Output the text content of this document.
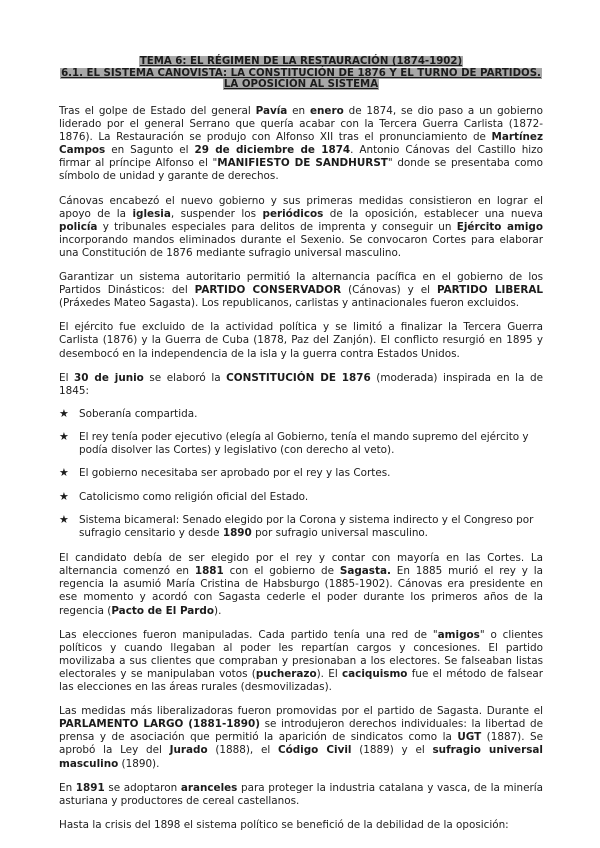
TEMA 6: EL RÉGIMEN DE LA RESTAURACIÓN (1874-1902)
6.1. EL SISTEMA CANOVISTA: LA CONSTITUCIÓN DE 1876 Y EL TURNO DE PARTIDOS.
LA OPOSICIÓN AL SISTEMA

Tras el golpe de Estado del general Pavía en enero de 1874, se dio paso a un gobierno liderado por el general Serrano que quería acabar con la Tercera Guerra Carlista (1872-1876). La Restauración se produjo con Alfonso XII tras el pronunciamiento de Martínez Campos en Sagunto el 29 de diciembre de 1874. Antonio Cánovas del Castillo hizo firmar al príncipe Alfonso el "MANIFIESTO DE SANDHURST" donde se presentaba como símbolo de unidad y garante de derechos.

Cánovas encabezó el nuevo gobierno y sus primeras medidas consistieron en lograr el apoyo de la iglesia, suspender los periódicos de la oposición, establecer una nueva policía y tribunales especiales para delitos de imprenta y conseguir un Ejército amigo incorporando mandos eliminados durante el Sexenio. Se convocaron Cortes para elaborar una Constitución de 1876 mediante sufragio universal masculino.

Garantizar un sistema autoritario permitió la alternancia pacífica en el gobierno de los Partidos Dinásticos: del PARTIDO CONSERVADOR (Cánovas) y el PARTIDO LIBERAL (Práxedes Mateo Sagasta). Los republicanos, carlistas y antinacionales fueron excluidos.

El ejército fue excluido de la actividad política y se limitó a finalizar la Tercera Guerra Carlista (1876) y la Guerra de Cuba (1878, Paz del Zanjón). El conflicto resurgió en 1895 y desembocó en la independencia de la isla y la guerra contra Estados Unidos.

El 30 de junio se elaboró la CONSTITUCIÓN DE 1876 (moderada) inspirada en la de 1845:

★ Soberanía compartida.
★ El rey tenía poder ejecutivo (elegía al Gobierno, tenía el mando supremo del ejército y podía disolver las Cortes) y legislativo (con derecho al veto).
★ El gobierno necesitaba ser aprobado por el rey y las Cortes.
★ Catolicismo como religión oficial del Estado.
★ Sistema bicameral: Senado elegido por la Corona y sistema indirecto y el Congreso por sufragio censitario y desde 1890 por sufragio universal masculino.

El candidato debía de ser elegido por el rey y contar con mayoría en las Cortes. La alternancia comenzó en 1881 con el gobierno de Sagasta. En 1885 murió el rey y la regencia la asumió María Cristina de Habsburgo (1885-1902). Cánovas era presidente en ese momento y acordó con Sagasta cederle el poder durante los primeros años de la regencia (Pacto de El Pardo).

Las elecciones fueron manipuladas. Cada partido tenía una red de "amigos" o clientes políticos y cuando llegaban al poder les repartían cargos y concesiones. El partido movilizaba a sus clientes que compraban y presionaban a los electores. Se falseaban listas electorales y se manipulaban votos (pucherazo). El caciquismo fue el método de falsear las elecciones en las áreas rurales (desmovilizadas).

Las medidas más liberalizadoras fueron promovidas por el partido de Sagasta. Durante el PARLAMENTO LARGO (1881-1890) se introdujeron derechos individuales: la libertad de prensa y de asociación que permitió la aparición de sindicatos como la UGT (1887). Se aprobó la Ley del Jurado (1888), el Código Civil (1889) y el sufragio universal masculino (1890).

En 1891 se adoptaron aranceles para proteger la industria catalana y vasca, de la minería asturiana y productores de cereal castellanos.

Hasta la crisis del 1898 el sistema político se benefició de la debilidad de la oposición:
